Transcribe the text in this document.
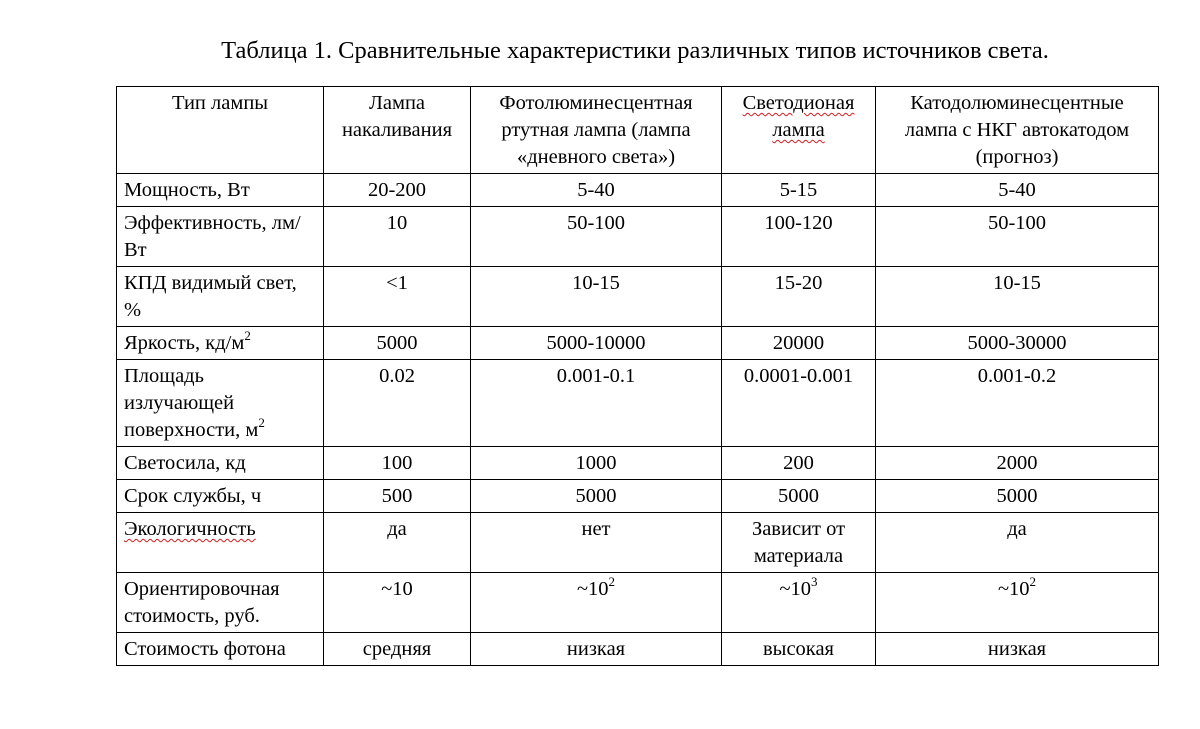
Таблица 1. Сравнительные характеристики различных типов источников света.
Тип лампы	Лампа накаливания	Фотолюминесцентная ртутная лампа (лампа «дневного света»)	Светодионая лампа	Катодолюминесцентные лампа с НКГ автокатодом (прогноз)
Мощность, Вт	20-200	5-40	5-15	5-40
Эффективность, лм/Вт	10	50-100	100-120	50-100
КПД видимый свет, %	<1	10-15	15-20	10-15
Яркость, $кд/м^2$	5000	5000-10000	20000	5000-30000
Площадь излучающей поверхности, $м^2$	0.02	0.001-0.1	0.0001-0.001	0.001-0.2
Светосила, кд	100	1000	200	2000
Срок службы, ч	500	5000	5000	5000
Экологичность	да	нет	Зависит от материала	да
Ориентировочная стоимость, руб.	~10	$\sim 10^2$	$\sim 10^3$	$\sim 10^2$
Стоимость фотона	средняя	низкая	высокая	низкая
